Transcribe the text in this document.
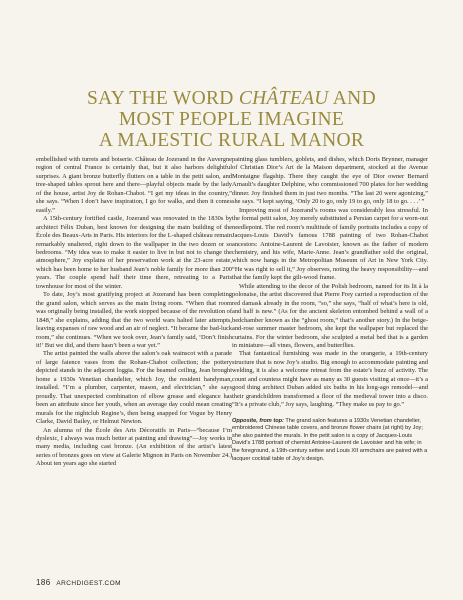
SAY THE WORD CHÂTEAU AND
MOST PEOPLE IMAGINE
A MAJESTIC RURAL MANOR

embellished with turrets and boiserie. Château de Jozerand in the Auvergne region of central France is certainly that, but it also harbors delightful surprises. A giant bronze butterfly flutters on a table in the petit salon, and tree-shaped tables sprout here and there—playful objects made by the lady of the house, artist Joy de Rohan-Chabot. “I get my ideas in the country,” she says. “When I don’t have inspiration, I go for walks, and then it comes easily.”

A 15th-century fortified castle, Jozerand was renovated in the 1830s by architect Félix Duban, best known for designing the main building of the École des Beaux-Arts in Paris. His interiors for the L-shaped château remain remarkably unaltered, right down to the wallpaper in the two dozen or so bedrooms. “My idea was to make it easier to live in but not to change the atmosphere,” Joy explains of her preservation work at the 23-acre estate, which has been home to her husband Jean’s noble family for more than 200 years. The couple spend half their time there, retreating to a Paris townhouse for most of the winter.

To date, Joy’s most gratifying project at Jozerand has been completing the grand salon, which serves as the main living room. “When that room was originally being installed, the work stopped because of the revolution of 1848,” she explains, adding that the two world wars halted later attempts, leaving expanses of raw wood and an air of neglect. “It became the bad-luck room,” she continues. “When we took over, Jean’s family said, ‘Don’t finish it!’ But we did, and there hasn’t been a war yet.”

The artist painted the walls above the salon’s oak wainscot with a parade of large faience vases from the Rohan-Chabot collection; the pottery depicted stands in the adjacent loggia. For the beamed ceiling, Jean brought home a 1930s Venetian chandelier, which Joy, the resident handyman, installed. “I’m a plumber, carpenter, mason, and electrician,” she says proudly. That unexpected combination of elbow grease and elegance has been an attribute since her youth, when an average day could mean creating murals for the nightclub Regine’s, then being snapped for Vogue by Henry Clarke, David Bailey, or Helmut Newton.

An alumna of the École des Arts Décoratifs in Paris—“because I’m dyslexic, I always was much better at painting and drawing”—Joy works in many media, including cast bronze. (An exhibition of the artist’s latest series of bronzes goes on view at Galerie Mignon in Paris on November 24.) About ten years ago she started

painting glass tumblers, goblets, and dishes, which Doris Brynner, manager of Christian Dior’s Art de la Maison department, stocked at the Avenue Montaigne flagship. There they caught the eye of Dior owner Bernard Arnault’s daughter Delphine, who commissioned 700 plates for her wedding dinner. Joy finished them in just two months. “The last 20 were agonizing,” she says. “I kept saying, ‘Only 20 to go, only 19 to go, only 18 to go. . . .’ ”

Improving most of Jozerand’s rooms was considerably less stressful. In the formal petit salon, Joy merely substituted a Persian carpet for a worn-out needlepoint. The red room’s multitude of family portraits includes a copy of Jacques-Louis David’s famous 1788 painting of two Rohan-Chabot ancestors: Antoine-Laurent de Lavoisier, known as the father of modern chemistry, and his wife, Marie-Anne. Jean’s grandfather sold the original, which now hangs in the Metropolitan Museum of Art in New York City. “He was right to sell it,” Joy observes, noting the heavy responsibility—and that the family kept the gilt-wood frame.

While attending to the decor of the Polish bedroom, named for its lit à la polonaise, the artist discovered that Pierre Frey carried a reproduction of the red damask already in the room, “so,” she says, “half of what’s here is old, and half is new.” (As for the ancient skeleton entombed behind a wall of a bedchamber known as the “ghost room,” that’s another story.) In the beige-and-rose summer master bedroom, she kept the wallpaper but replaced the curtains. For the winter bedroom, she sculpted a metal bed that is a garden in miniature—all vines, flowers, and butterflies.

That fantastical furnishing was made in the orangerie, a 19th-century structure that is now Joy’s studio. Big enough to accommodate painting and welding, it is also a welcome retreat from the estate’s buzz of activity. The count and countess might have as many as 30 guests visiting at once—it’s a good thing architect Duban added six baths in his long-ago remodel—and their grandchildren transformed a floor of the medieval tower into a disco. “It’s a private club,” Joy says, laughing. “They make us pay to go.”

Opposite, from top: The grand salon features a 1930s Venetian chandelier, embroidered Chinese table covers, and bronze flower chairs (at right) by Joy; she also painted the murals. In the petit salon is a copy of Jacques-Louis David’s 1788 portrait of chemist Antoine-Laurent de Lavoisier and his wife; in the foreground, a 19th-century settee and Louis XII armchairs are paired with a lacquer cocktail table of Joy’s design.
186 ARCHDIGEST.COM
